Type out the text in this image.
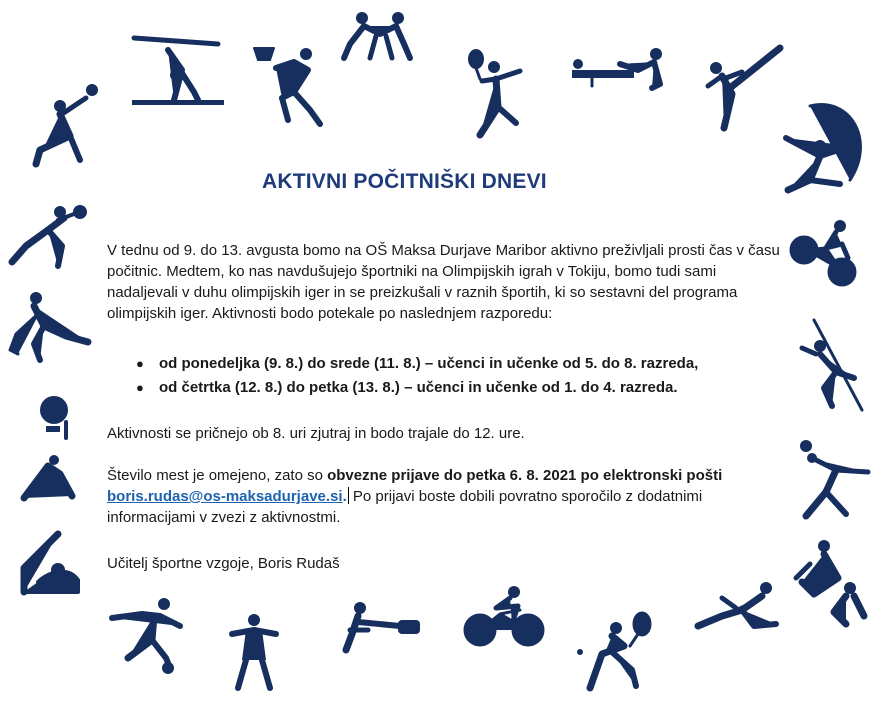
AKTIVNI POČITNIŠKI DNEVI
V tednu od 9. do 13. avgusta bomo na OŠ Maksa Durjave Maribor aktivno preživljali prosti čas v času počitnic. Medtem, ko nas navdušujejo športniki na Olimpijskih igrah v Tokiju, bomo tudi sami nadaljevali v duhu olimpijskih iger in se preizkušali v raznih športih, ki so sestavni del programa olimpijskih iger. Aktivnosti bodo potekale po naslednjem razporedu:
● od ponedeljka (9. 8.) do srede (11. 8.) – učenci in učenke od 5. do 8. razreda,
● od četrtka (12. 8.) do petka (13. 8.) – učenci in učenke od 1. do 4. razreda.
Aktivnosti se pričnejo ob 8. uri zjutraj in bodo trajale do 12. ure.
Število mest je omejeno, zato so obvezne prijave do petka 6. 8. 2021 po elektronski pošti
boris.rudas@os-maksadurjave.si. Po prijavi boste dobili povratno sporočilo z dodatnimi informacijami v zvezi z aktivnostmi.
Učitelj športne vzgoje, Boris Rudaš
